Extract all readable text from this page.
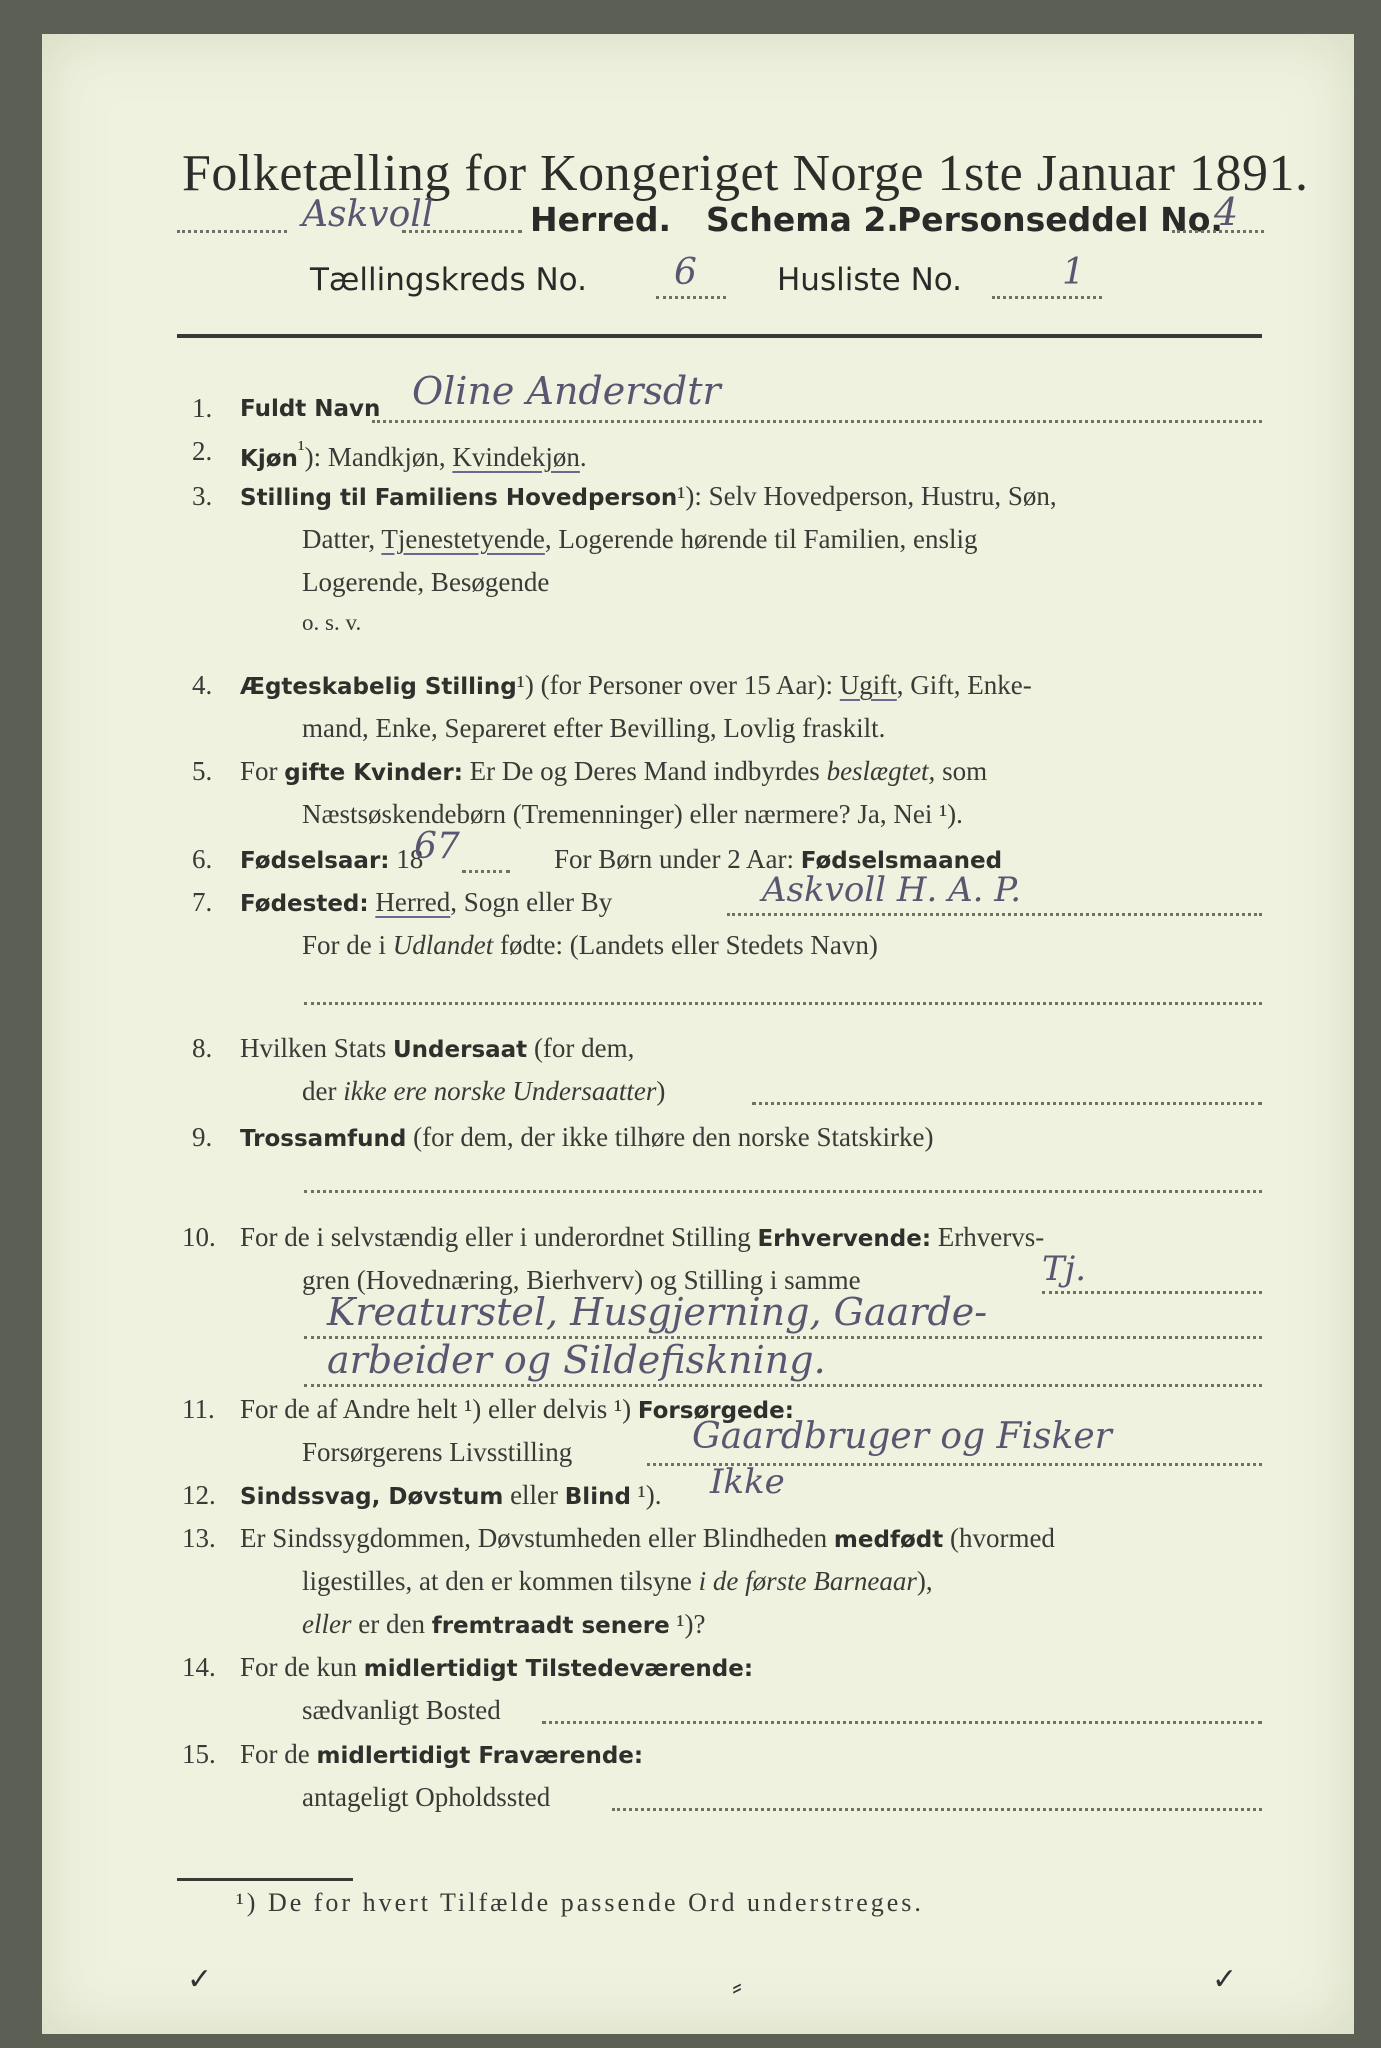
Folketælling for Kongeriget Norge 1ste Januar 1891.
Askvoll	Herred. Schema 2.
Personseddel No.
4
Tællingskreds No. 6	Husliste No.	1
1. Fuldt Navn Oline Andersdtr
2. Kjøn$^{^1}$): Mandkjøn, Kvindekjøn.
3. Stilling til Familiens Hovedperson¹): Selv Hovedperson, Hustru, Søn,
Datter, Tjenestetyende, Logerende hørende til Familien, enslig
Logerende, Besøgende
o. s. v.
4. Ægteskabelig Stilling¹) (for Personer over 15 Aar): Ugift, Gift, Enke-
mand, Enke, Separeret efter Bevilling, Lovlig fraskilt.
5. For gifte Kvinder: Er De og Deres Mand indbyrdes beslægtet, som
Næstsøskendebørn (Tremenninger) eller nærmere? Ja, Nei ¹).
6. Fødselsaar: 18
67	For Børn under 2 Aar: Fødselsmaaned
7. Fødested: Herred, Sogn eller By	Askvoll H. A. P.
For de i Udlandet fødte: (Landets eller Stedets Navn)
8. Hvilken Stats Undersaat (for dem,
der ikke ere norske Undersaatter)
9. Trossamfund (for dem, der ikke tilhøre den norske Statskirke)
10. For de i selvstændig eller i underordnet Stilling Erhvervende: Erhvervs-
gren (Hovednæring, Bierhverv) og Stilling i samme	Tj.
Kreaturstel, Husgjerning, Gaarde-
arbeider og Sildefiskning.
11. For de af Andre helt ¹) eller delvis ¹) Forsørgede:
Forsørgerens Livsstilling	Gaardbruger og Fisker
12. Sindssvag, Døvstum eller Blind ¹). Ikke
13. Er Sindssygdommen, Døvstumheden eller Blindheden medfødt (hvormed
ligestilles, at den er kommen tilsyne i de første Barneaar),
eller er den fremtraadt senere ¹)?
14. For de kun midlertidigt Tilstedeværende:
sædvanligt Bosted
15. For de midlertidigt Fraværende:
antageligt Opholdssted
¹) De for hvert Tilfælde passende Ord understreges.
✓	⸗	✓
